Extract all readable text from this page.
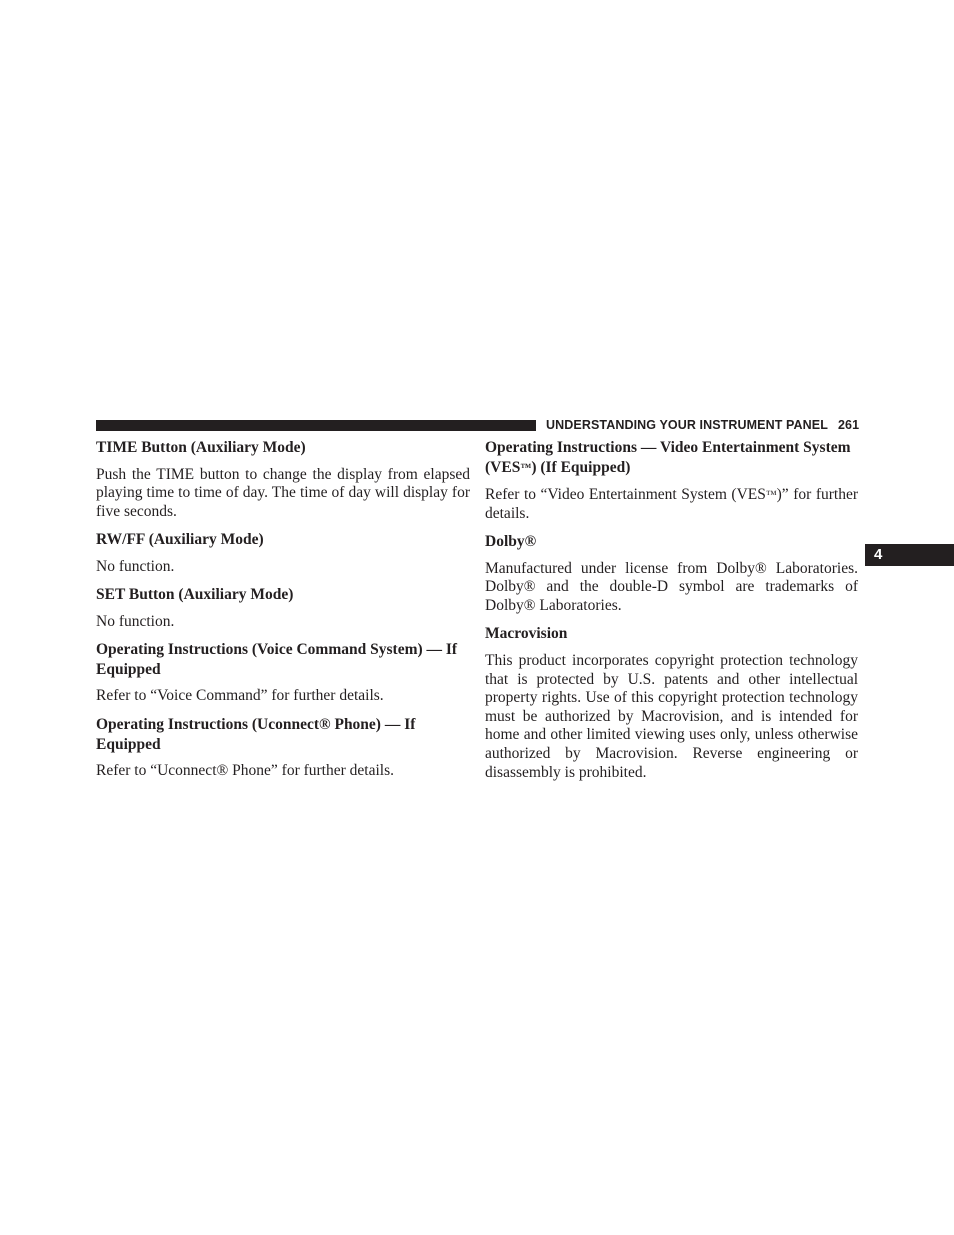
UNDERSTANDING YOUR INSTRUMENT PANEL 261
4
TIME Button (Auxiliary Mode)

Push the TIME button to change the display from elapsed playing time to time of day. The time of day will display for five seconds.

RW/FF (Auxiliary Mode)

No function.

SET Button (Auxiliary Mode)

No function.

Operating Instructions (Voice Command System) — If Equipped

Refer to “Voice Command” for further details.

Operating Instructions (Uconnect® Phone) — If Equipped

Refer to “Uconnect® Phone” for further details.

Operating Instructions — Video Entertainment System (VES™) (If Equipped)

Refer to “Video Entertainment System (VES™)” for further details.

Dolby®

Manufactured under license from Dolby® Laboratories. Dolby® and the double-D symbol are trademarks of Dolby® Laboratories.

Macrovision

This product incorporates copyright protection technology that is protected by U.S. patents and other intellectual property rights. Use of this copyright protection technology must be authorized by Macrovision, and is intended for home and other limited viewing uses only, unless otherwise authorized by Macrovision. Reverse engineering or disassembly is prohibited.
